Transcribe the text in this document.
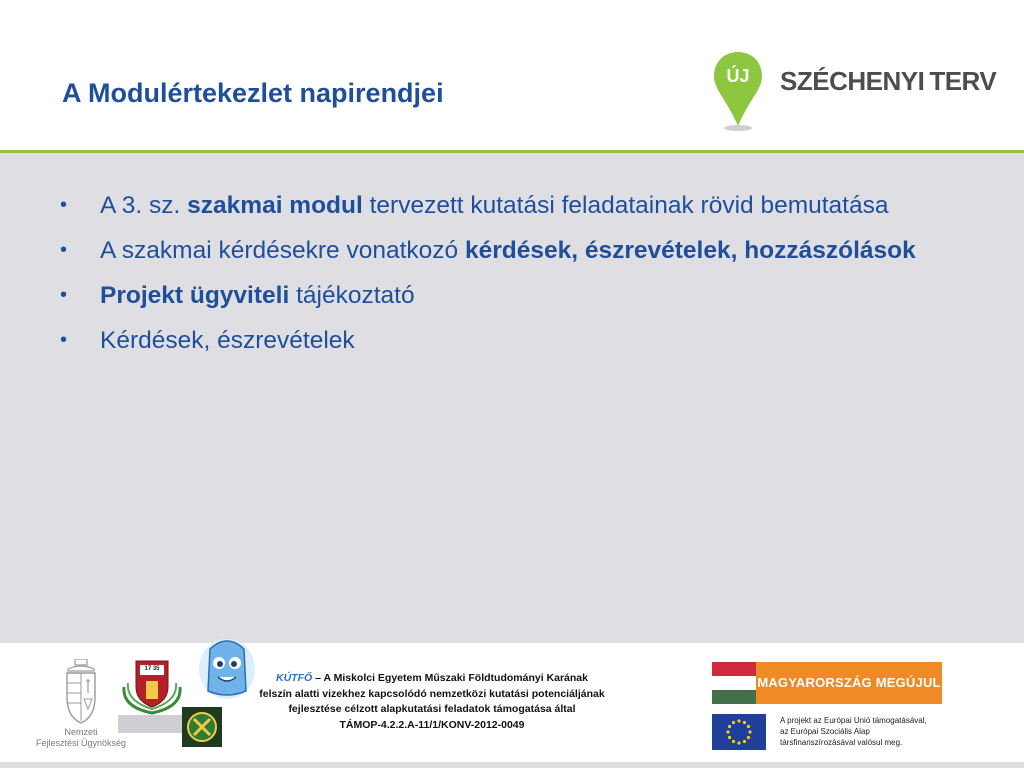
A Modulértekezlet napirendjei
ÚJ	SZÉCHENYI TERV
• A 3. sz. szakmai modul tervezett kutatási feladatainak rövid bemutatása
• A szakmai kérdésekre vonatkozó kérdések, észrevételek, hozzászólások
• Projekt ügyviteli tájékoztató
• Kérdések, észrevételek
Nemzeti
Fejlesztési Ügynökség
17 35
KÚTFŐ – A Miskolci Egyetem Műszaki Földtudományi Karának
felszín alatti vizekhez kapcsolódó nemzetközi kutatási potenciáljának
fejlesztése célzott alapkutatási feladatok támogatása által
TÁMOP-4.2.2.A-11/1/KONV-2012-0049
MAGYARORSZÁG MEGÚJUL
A projekt az Európai Unió támogatásával,
az Európai Szociális Alap
társfinanszírozásával valósul meg.
